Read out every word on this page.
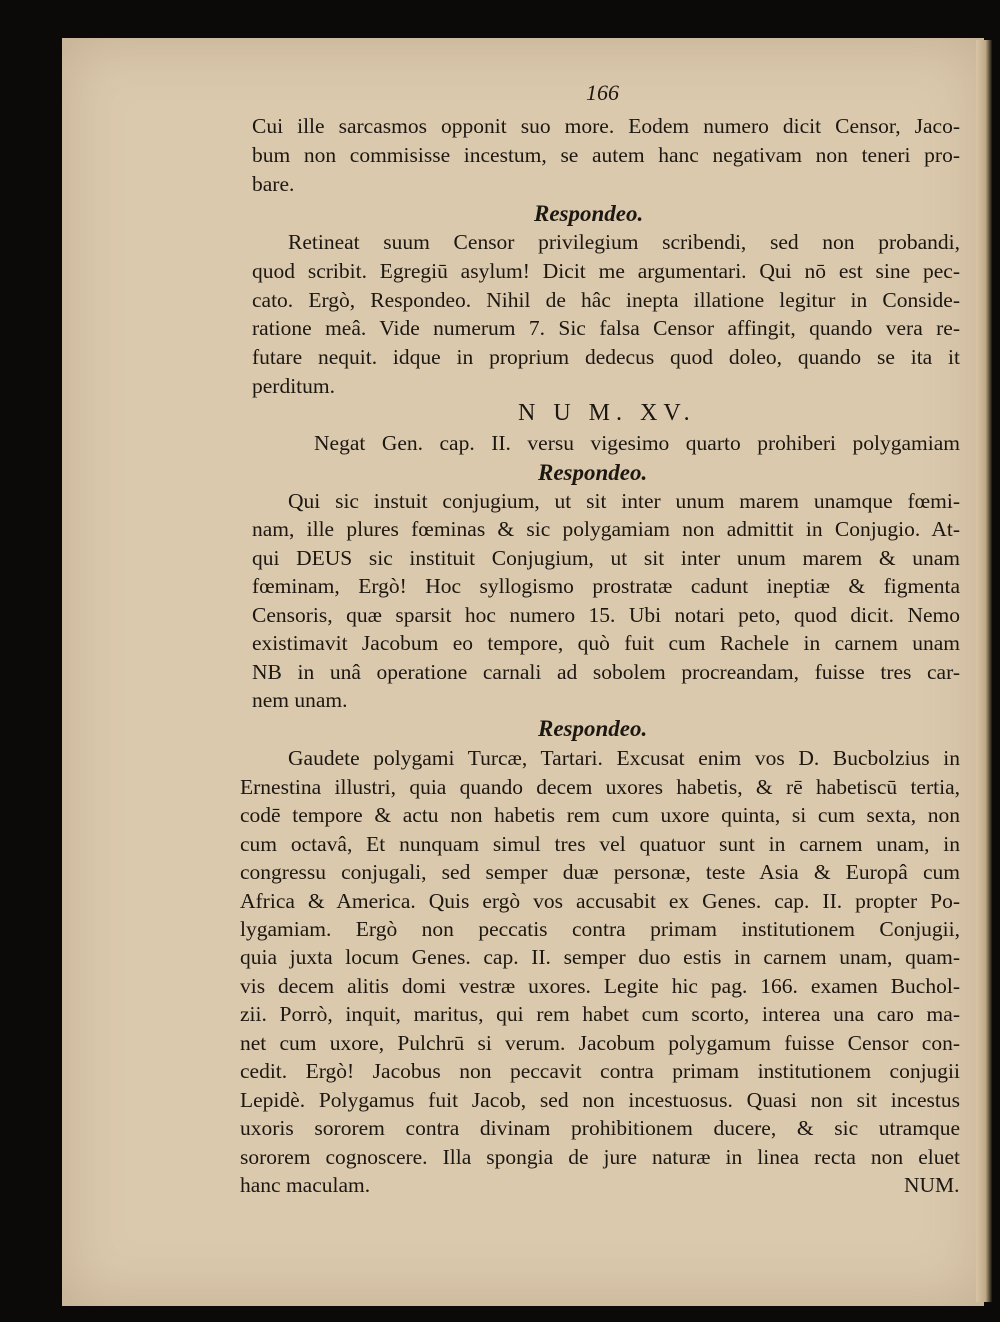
166
Cui ille sarcasmos opponit suo more. Eodem numero dicit Censor, Jaco-
bum non commisisse incestum, se autem hanc negativam non teneri pro-
bare.
Respondeo.
Retineat suum Censor privilegium scribendi, sed non probandi,
quod scribit. Egregiū asylum! Dicit me argumentari. Qui nō est sine pec-
cato. Ergò, Respondeo. Nihil de hâc inepta illatione legitur in Conside-
ratione meâ. Vide numerum 7. Sic falsa Censor affingit, quando vera re-
futare nequit. idque in proprium dedecus quod doleo, quando se ita it
perditum.
N U M. XV.
Negat Gen. cap. II. versu vigesimo quarto prohiberi polygamiam
Respondeo.
Qui sic instuit conjugium, ut sit inter unum marem unamque fœmi-
nam, ille plures fœminas & sic polygamiam non admittit in Conjugio. At-
qui DEUS sic instituit Conjugium, ut sit inter unum marem & unam
fœminam, Ergò! Hoc syllogismo prostratæ cadunt ineptiæ & figmenta
Censoris, quæ sparsit hoc numero 15. Ubi notari peto, quod dicit. Nemo
existimavit Jacobum eo tempore, quò fuit cum Rachele in carnem unam
NB in unâ operatione carnali ad sobolem procreandam, fuisse tres car-
nem unam.
Respondeo.
Gaudete polygami Turcæ, Tartari. Excusat enim vos D. Bucbolzius in
Ernestina illustri, quia quando decem uxores habetis, & rē habetiscū tertia,
codē tempore & actu non habetis rem cum uxore quinta, si cum sexta, non
cum octavâ, Et nunquam simul tres vel quatuor sunt in carnem unam, in
congressu conjugali, sed semper duæ personæ, teste Asia & Europâ cum
Africa & America. Quis ergò vos accusabit ex Genes. cap. II. propter Po-
lygamiam. Ergò non peccatis contra primam institutionem Conjugii,
quia juxta locum Genes. cap. II. semper duo estis in carnem unam, quam-
vis decem alitis domi vestræ uxores. Legite hic pag. 166. examen Buchol-
zii. Porrò, inquit, maritus, qui rem habet cum scorto, interea una caro ma-
net cum uxore, Pulchrū si verum. Jacobum polygamum fuisse Censor con-
cedit. Ergò! Jacobus non peccavit contra primam institutionem conjugii
Lepidè. Polygamus fuit Jacob, sed non incestuosus. Quasi non sit incestus
uxoris sororem contra divinam prohibitionem ducere, & sic utramque
sororem cognoscere. Illa spongia de jure naturæ in linea recta non eluet
hanc maculam.	NUM.
